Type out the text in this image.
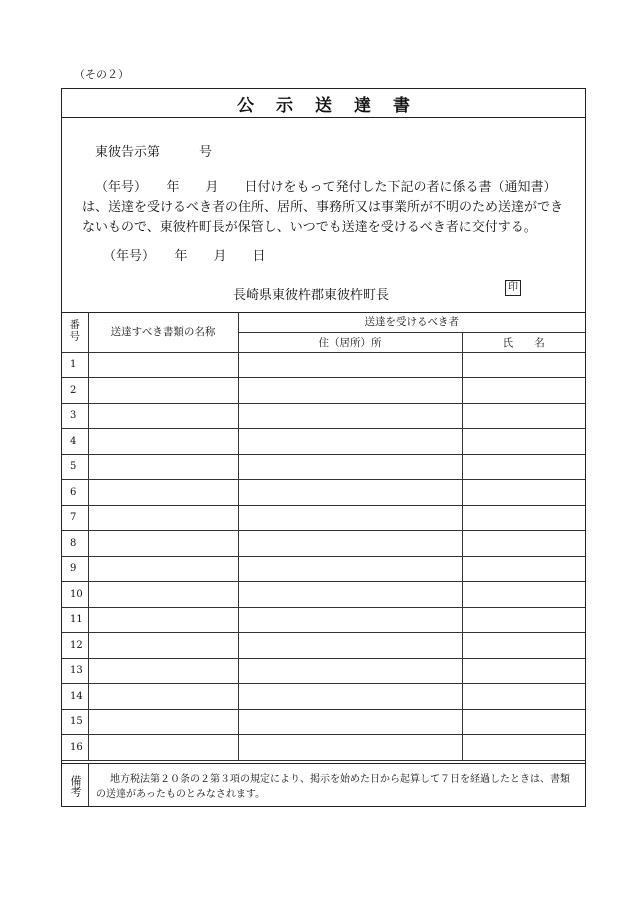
（その２）
公示送達書
東彼告示第　　　号
（年号）　　年　　月　　日付けをもって発付した下記の者に係る書（通知書）
は、送達を受けるべき者の住所、居所、事務所又は事業所が不明のため送達ができないもので、東彼杵町長が保管し、いつでも送達を受けるべき者に交付する。
（年号）　　年　　月　　日
長崎県東彼杵郡東彼杵町長
印
番号	送達すべき書類の名称	送達を受けるべき者	
		住（居所）所	氏　　名
1			
2			
3			
4			
5			
6			
7			
8			
9			
10			
11			
12			
13			
14			
15			
16			
備考	地方税法第２０条の２第３項の規定により、掲示を始めた日から起算して７日を経過したときは、書類の送達があったものとみなされます。
